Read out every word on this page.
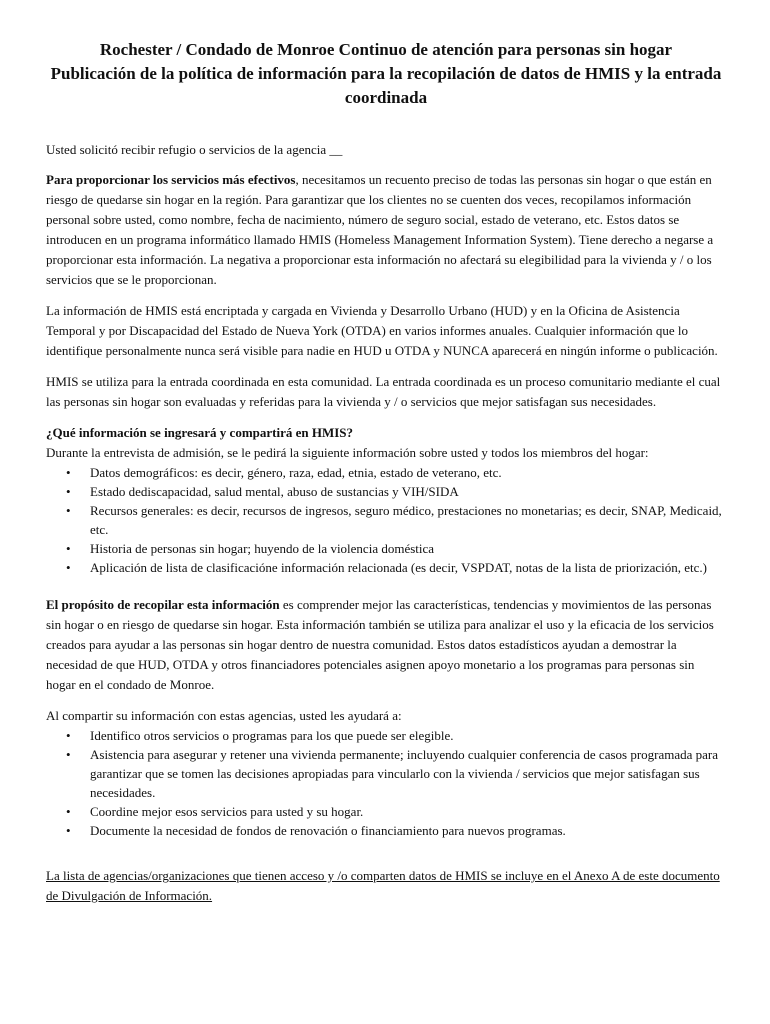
Rochester / Condado de Monroe Continuo de atención para personas sin hogar
Publicación de la política de información para la recopilación de datos de HMIS y la entrada coordinada

Usted solicitó recibir refugio o servicios de la agencia __

Para proporcionar los servicios más efectivos, necesitamos un recuento preciso de todas las personas sin hogar o que están en riesgo de quedarse sin hogar en la región. Para garantizar que los clientes no se cuenten dos veces, recopilamos información personal sobre usted, como nombre, fecha de nacimiento, número de seguro social, estado de veterano, etc. Estos datos se introducen en un programa informático llamado HMIS (Homeless Management Information System). Tiene derecho a negarse a proporcionar esta información. La negativa a proporcionar esta información no afectará su elegibilidad para la vivienda y / o los servicios que se le proporcionan.

La información de HMIS está encriptada y cargada en Vivienda y Desarrollo Urbano (HUD) y en la Oficina de Asistencia Temporal y por Discapacidad del Estado de Nueva York (OTDA) en varios informes anuales. Cualquier información que lo identifique personalmente nunca será visible para nadie en HUD u OTDA y NUNCA aparecerá en ningún informe o publicación.

HMIS se utiliza para la entrada coordinada en esta comunidad. La entrada coordinada es un proceso comunitario mediante el cual las personas sin hogar son evaluadas y referidas para la vivienda y / o servicios que mejor satisfagan sus necesidades.

¿Qué información se ingresará y compartirá en HMIS?

Durante la entrevista de admisión, se le pedirá la siguiente información sobre usted y todos los miembros del hogar:

• Datos demográficos: es decir, género, raza, edad, etnia, estado de veterano, etc.
• Estado dediscapacidad, salud mental, abuso de sustancias y VIH/SIDA
• Recursos generales: es decir, recursos de ingresos, seguro médico, prestaciones no monetarias; es decir, SNAP, Medicaid, etc.
• Historia de personas sin hogar; huyendo de la violencia doméstica
• Aplicación de lista de clasificacióne información relacionada (es decir, VSPDAT, notas de la lista de priorización, etc.)

El propósito de recopilar esta información es comprender mejor las características, tendencias y movimientos de las personas sin hogar o en riesgo de quedarse sin hogar. Esta información también se utiliza para analizar el uso y la eficacia de los servicios creados para ayudar a las personas sin hogar dentro de nuestra comunidad. Estos datos estadísticos ayudan a demostrar la necesidad de que HUD, OTDA y otros financiadores potenciales asignen apoyo monetario a los programas para personas sin hogar en el condado de Monroe.

Al compartir su información con estas agencias, usted les ayudará a:

• Identifico otros servicios o programas para los que puede ser elegible.
• Asistencia para asegurar y retener una vivienda permanente; incluyendo cualquier conferencia de casos programada para garantizar que se tomen las decisiones apropiadas para vincularlo con la vivienda / servicios que mejor satisfagan sus necesidades.
• Coordine mejor esos servicios para usted y su hogar.
• Documente la necesidad de fondos de renovación o financiamiento para nuevos programas.

La lista de agencias/organizaciones que tienen acceso y /o comparten datos de HMIS se incluye en el Anexo A de este documento de Divulgación de Información.
